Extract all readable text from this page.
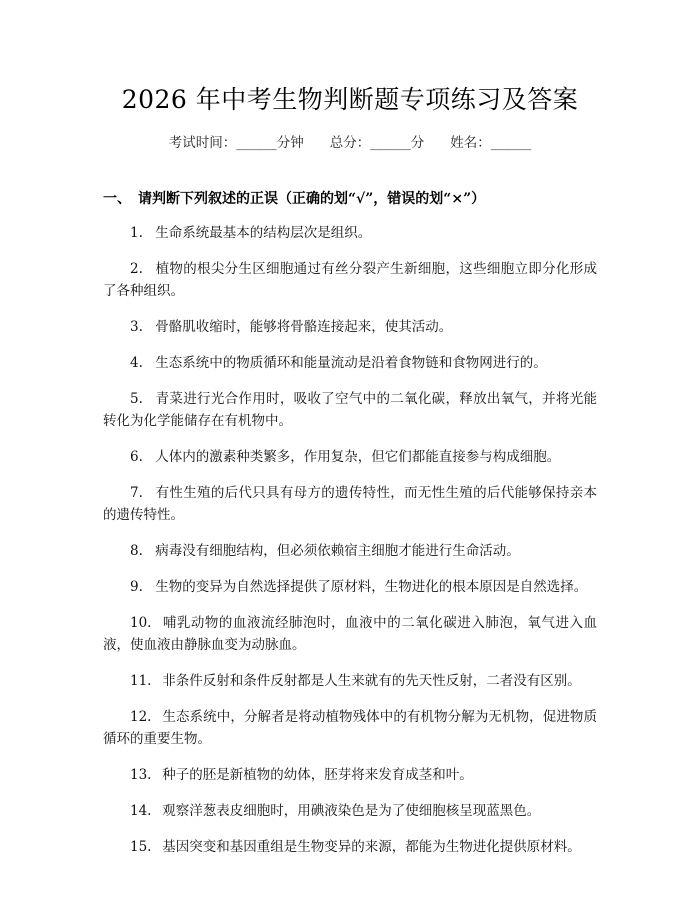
2026 年中考生物判断题专项练习及答案
考试时间：______分钟 总分：______分 姓名：______
一、 请判断下列叙述的正误（正确的划“√”，错误的划“×”）
1. 生命系统最基本的结构层次是组织。
2. 植物的根尖分生区细胞通过有丝分裂产生新细胞，这些细胞立即分化形成了各种组织。
3. 骨骼肌收缩时，能够将骨骼连接起来，使其活动。
4. 生态系统中的物质循环和能量流动是沿着食物链和食物网进行的。
5. 青菜进行光合作用时，吸收了空气中的二氧化碳，释放出氧气，并将光能转化为化学能储存在有机物中。
6. 人体内的激素种类繁多，作用复杂，但它们都能直接参与构成细胞。
7. 有性生殖的后代只具有母方的遗传特性，而无性生殖的后代能够保持亲本的遗传特性。
8. 病毒没有细胞结构，但必须依赖宿主细胞才能进行生命活动。
9. 生物的变异为自然选择提供了原材料，生物进化的根本原因是自然选择。
10. 哺乳动物的血液流经肺泡时，血液中的二氧化碳进入肺泡，氧气进入血液，使血液由静脉血变为动脉血。
11. 非条件反射和条件反射都是人生来就有的先天性反射，二者没有区别。
12. 生态系统中，分解者是将动植物残体中的有机物分解为无机物，促进物质循环的重要生物。
13. 种子的胚是新植物的幼体，胚芽将来发育成茎和叶。
14. 观察洋葱表皮细胞时，用碘液染色是为了使细胞核呈现蓝黑色。
15. 基因突变和基因重组是生物变异的来源，都能为生物进化提供原材料。
